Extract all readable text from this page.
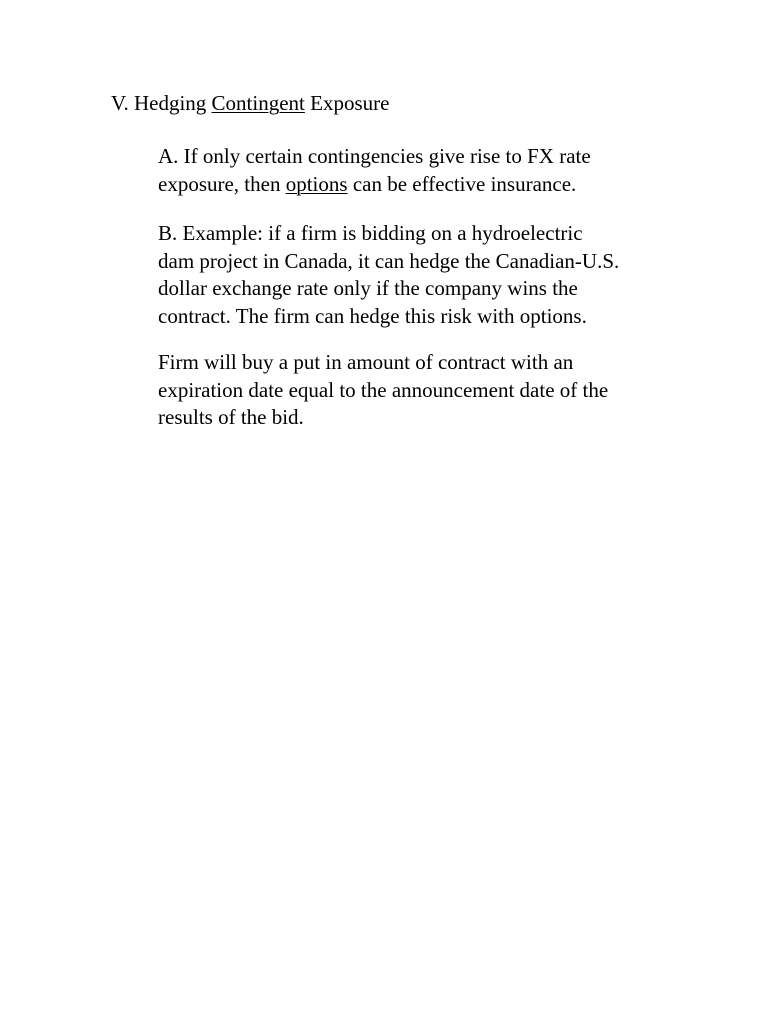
V. Hedging Contingent Exposure
A. If only certain contingencies give rise to FX rate
exposure, then options can be effective insurance.
B. Example: if a firm is bidding on a hydroelectric
dam project in Canada, it can hedge the Canadian-U.S.
dollar exchange rate only if the company wins the
contract. The firm can hedge this risk with options.
Firm will buy a put in amount of contract with an
expiration date equal to the announcement date of the
results of the bid.
